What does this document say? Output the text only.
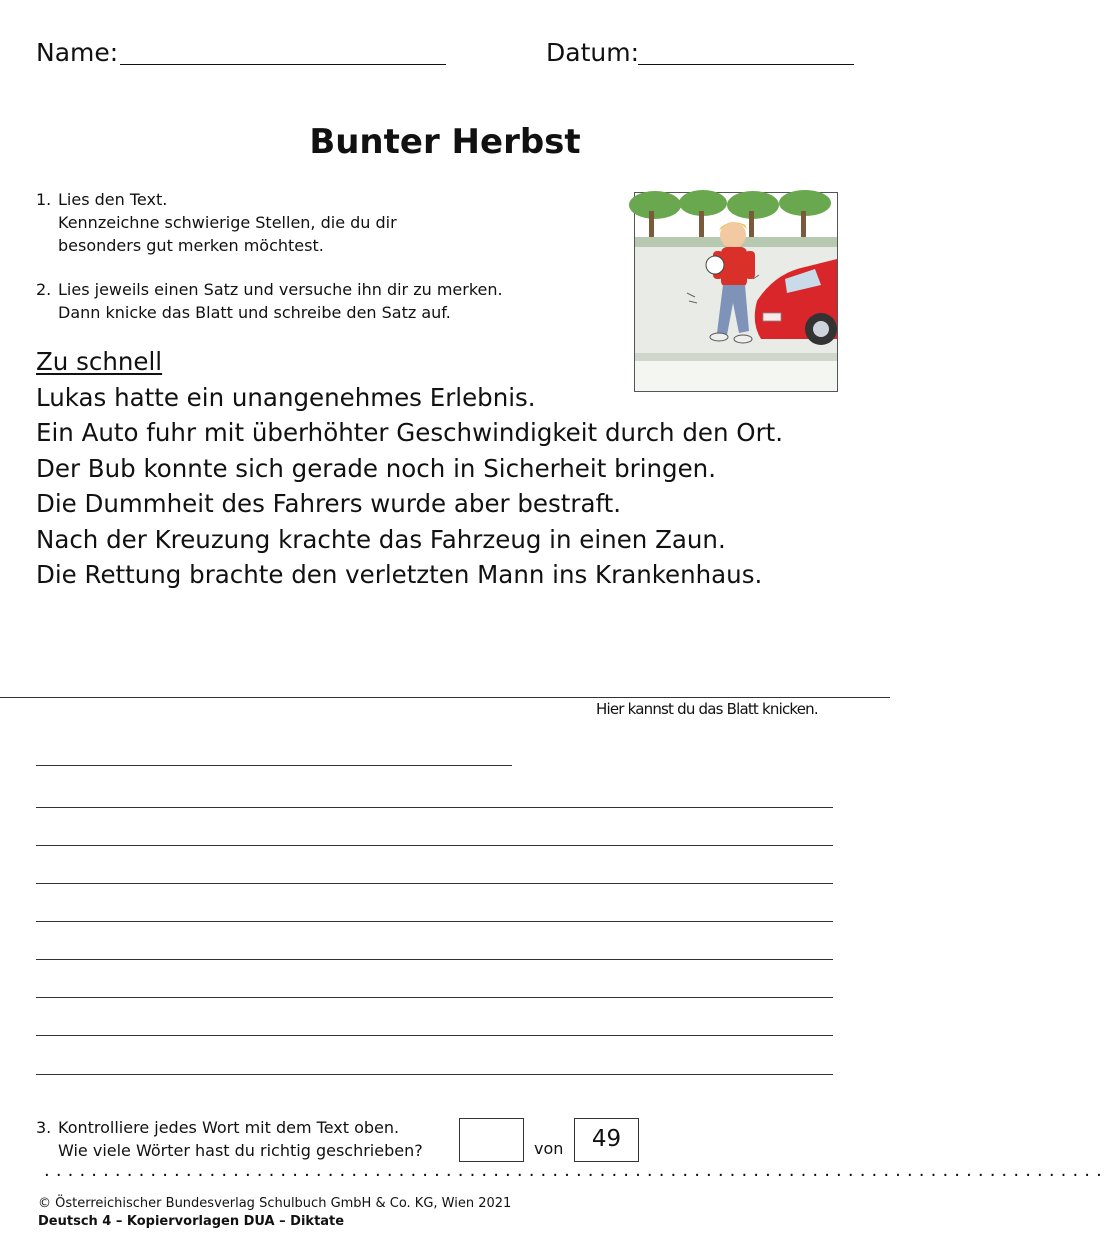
Name:	Datum:
Bunter Herbst
1. Lies den Text.
Kennzeichne schwierige Stellen, die du dir
besonders gut merken möchtest.
2. Lies jeweils einen Satz und versuche ihn dir zu merken.
Dann knicke das Blatt und schreibe den Satz auf.
Zu schnell
Lukas hatte ein unangenehmes Erlebnis.
Ein Auto fuhr mit überhöhter Geschwindigkeit durch den Ort.
Der Bub konnte sich gerade noch in Sicherheit bringen.
Die Dummheit des Fahrers wurde aber bestraft.
Nach der Kreuzung krachte das Fahrzeug in einen Zaun.
Die Rettung brachte den verletzten Mann ins Krankenhaus.
Hier kannst du das Blatt knicken.
3. Kontrolliere jedes Wort mit dem Text oben.
Wie viele Wörter hast du richtig geschrieben?	von	49
..........................................................................................
© Österreichischer Bundesverlag Schulbuch GmbH & Co. KG, Wien 2021
Deutsch 4 – Kopiervorlagen DUA – Diktate
